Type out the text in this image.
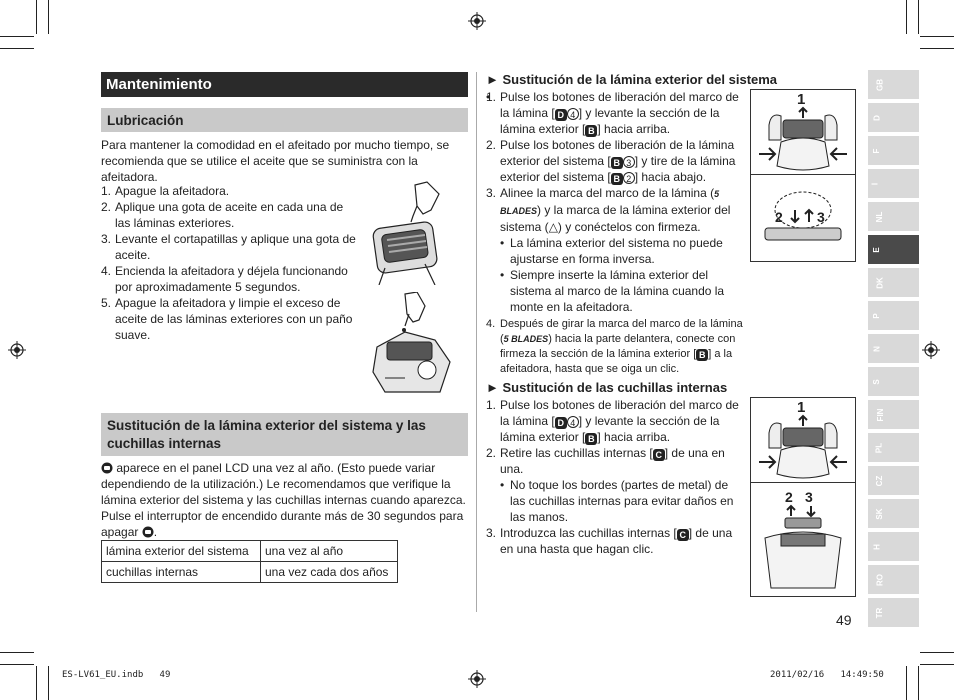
Mantenimiento
Lubricación
Para mantener la comodidad en el afeitado por mucho tiempo, se recomienda que se utilice el aceite que se suministra con la afeitadora.
1. Apague la afeitadora.
2. Aplique una gota de aceite en cada una de las láminas exteriores.
3. Levante el cortapatillas y aplique una gota de aceite.
4. Encienda la afeitadora y déjela funcionando por aproximadamente 5 segundos.
5. Apague la afeitadora y limpie el exceso de aceite de las láminas exteriores con un paño suave.
Sustitución de la lámina exterior del sistema y las cuchillas internas
aparece en el panel LCD una vez al año. (Esto puede variar dependiendo de la utilización.) Le recomendamos que verifique la lámina exterior del sistema y las cuchillas internas cuando aparezca. Pulse el interruptor de encendido durante más de 30 segundos para apagar .
lámina exterior del sistema	una vez al año
cuchillas internas	una vez cada dos años
► Sustitución de la lámina exterior del sistema
• 1. Pulse los botones de liberación del marco de la lámina [ D 4 ] y levante la sección de la lámina exterior [ B ] hacia arriba.
2. Pulse los botones de liberación de la lámina exterior del sistema [ B 3 ] y tire de la lámina exterior del sistema [ B 2 ] hacia abajo.
3. Alinee la marca del marco de la lámina (5 BLADES) y la marca de la lámina exterior del sistema (△) y conéctelos con firmeza.
• La lámina exterior del sistema no puede ajustarse en forma inversa.
• Siempre inserte la lámina exterior del sistema al marco de la lámina cuando la monte en la afeitadora.
4. Después de girar la marca del marco de la lámina (5 BLADES) hacia la parte delantera, conecte con firmeza la sección de la lámina exterior [ B ] a la afeitadora, hasta que se oiga un clic.
► Sustitución de las cuchillas internas
1. Pulse los botones de liberación del marco de la lámina [ D 4 ] y levante la sección de la lámina exterior [ B ] hacia arriba.
2. Retire las cuchillas internas [ C ] de una en una.
• No toque los bordes (partes de metal) de las cuchillas internas para evitar daños en las manos.
3. Introduzca las cuchillas internas [ C ] de una en una hasta que hagan clic.
1
2 3
1
2 3
GB
D
F
I
NL
E
DK
P
N
S
FIN
PL
CZ
SK
H
RO
TR
49
ES-LV61_EU.indb   49	2011/02/16   14:49:50
